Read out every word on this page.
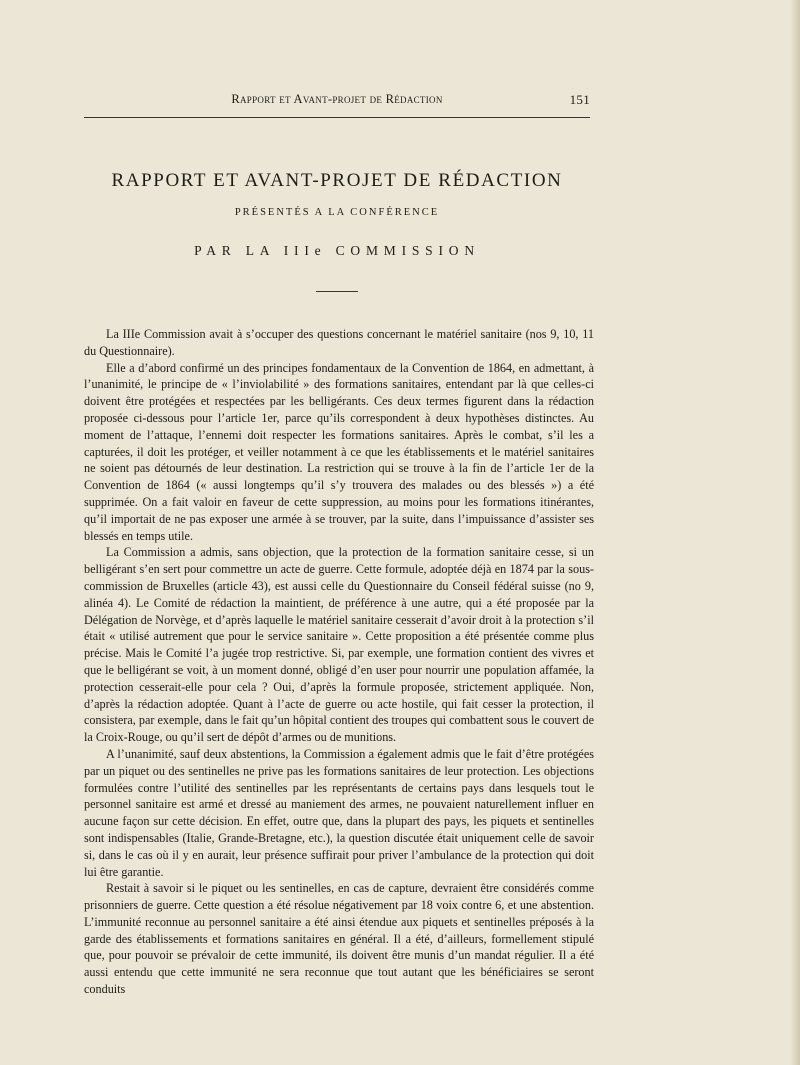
Rapport et Avant-projet de Rédaction	151
RAPPORT ET AVANT-PROJET DE RÉDACTION
PRÉSENTÉS A LA CONFÉRENCE
PAR LA IIIe COMMISSION

La IIIe Commission avait à s’occuper des questions concernant le matériel sanitaire (nos 9, 10, 11 du Questionnaire).

Elle a d’abord confirmé un des principes fondamentaux de la Convention de 1864, en admettant, à l’unanimité, le principe de « l’inviolabilité » des formations sanitaires, entendant par là que celles-ci doivent être protégées et respectées par les belligérants. Ces deux termes figurent dans la rédaction proposée ci-dessous pour l’article 1er, parce qu’ils correspondent à deux hypothèses distinctes. Au moment de l’attaque, l’ennemi doit respecter les formations sanitaires. Après le combat, s’il les a capturées, il doit les protéger, et veiller notamment à ce que les établissements et le matériel sanitaires ne soient pas détournés de leur destination. La restriction qui se trouve à la fin de l’article 1er de la Convention de 1864 (« aussi longtemps qu’il s’y trouvera des malades ou des blessés ») a été supprimée. On a fait valoir en faveur de cette suppression, au moins pour les formations itinérantes, qu’il importait de ne pas exposer une armée à se trouver, par la suite, dans l’impuissance d’assister ses blessés en temps utile.

La Commission a admis, sans objection, que la protection de la formation sanitaire cesse, si un belligérant s’en sert pour commettre un acte de guerre. Cette formule, adoptée déjà en 1874 par la sous-commission de Bruxelles (article 43), est aussi celle du Questionnaire du Conseil fédéral suisse (no 9, alinéa 4). Le Comité de rédaction la maintient, de préférence à une autre, qui a été proposée par la Délégation de Norvège, et d’après laquelle le matériel sanitaire cesserait d’avoir droit à la protection s’il était « utilisé autrement que pour le service sanitaire ». Cette proposition a été présentée comme plus précise. Mais le Comité l’a jugée trop restrictive. Si, par exemple, une formation contient des vivres et que le belligérant se voit, à un moment donné, obligé d’en user pour nourrir une population affamée, la protection cesserait-elle pour cela ? Oui, d’après la formule proposée, strictement appliquée. Non, d’après la rédaction adoptée. Quant à l’acte de guerre ou acte hostile, qui fait cesser la protection, il consistera, par exemple, dans le fait qu’un hôpital contient des troupes qui combattent sous le couvert de la Croix-Rouge, ou qu’il sert de dépôt d’armes ou de munitions.

A l’unanimité, sauf deux abstentions, la Commission a également admis que le fait d’être protégées par un piquet ou des sentinelles ne prive pas les formations sanitaires de leur protection. Les objections formulées contre l’utilité des sentinelles par les représentants de certains pays dans lesquels tout le personnel sanitaire est armé et dressé au maniement des armes, ne pouvaient naturellement influer en aucune façon sur cette décision. En effet, outre que, dans la plupart des pays, les piquets et sentinelles sont indispensables (Italie, Grande-Bretagne, etc.), la question discutée était uniquement celle de savoir si, dans le cas où il y en aurait, leur présence suffirait pour priver l’ambulance de la protection qui doit lui être garantie.

Restait à savoir si le piquet ou les sentinelles, en cas de capture, devraient être considérés comme prisonniers de guerre. Cette question a été résolue négativement par 18 voix contre 6, et une abstention. L’immunité reconnue au personnel sanitaire a été ainsi étendue aux piquets et sentinelles préposés à la garde des établissements et formations sanitaires en général. Il a été, d’ailleurs, formellement stipulé que, pour pouvoir se prévaloir de cette immunité, ils doivent être munis d’un mandat régulier. Il a été aussi entendu que cette immunité ne sera reconnue que tout autant que les bénéficiaires se seront conduits
